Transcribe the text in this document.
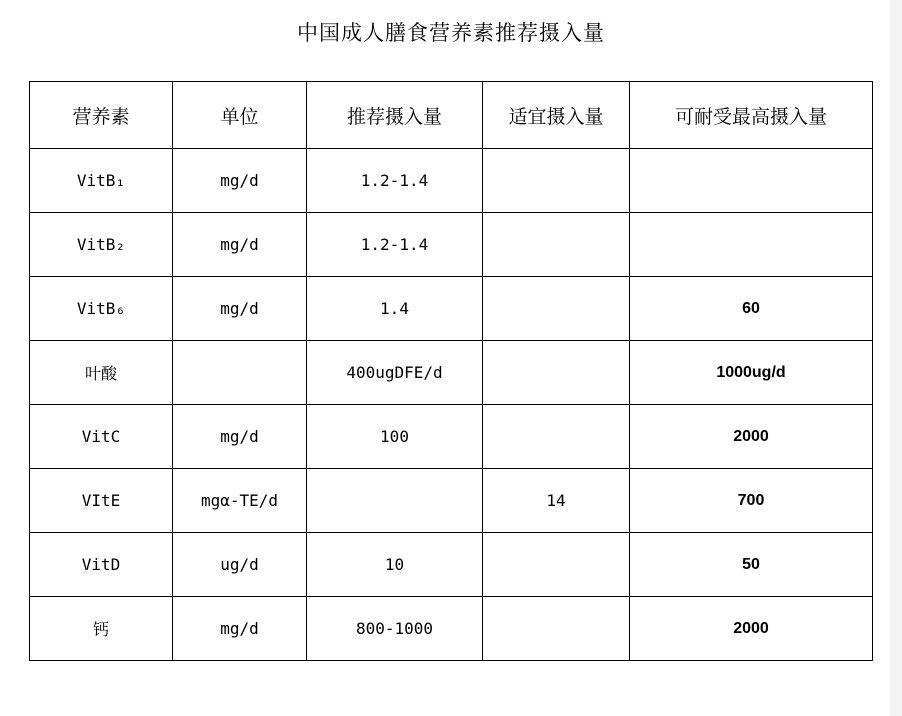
中国成人膳食营养素推荐摄入量
营养素	单位	推荐摄入量	适宜摄入量	可耐受最高摄入量
VitB₁	mg/d	1.2-1.4		
VitB₂	mg/d	1.2-1.4		
VitB₆	mg/d	1.4		60
叶酸		400ugDFE/d		1000ug/d
VitC	mg/d	100		2000
VItE	mgα-TE/d		14	700
VitD	ug/d	10		50
钙	mg/d	800-1000		2000
